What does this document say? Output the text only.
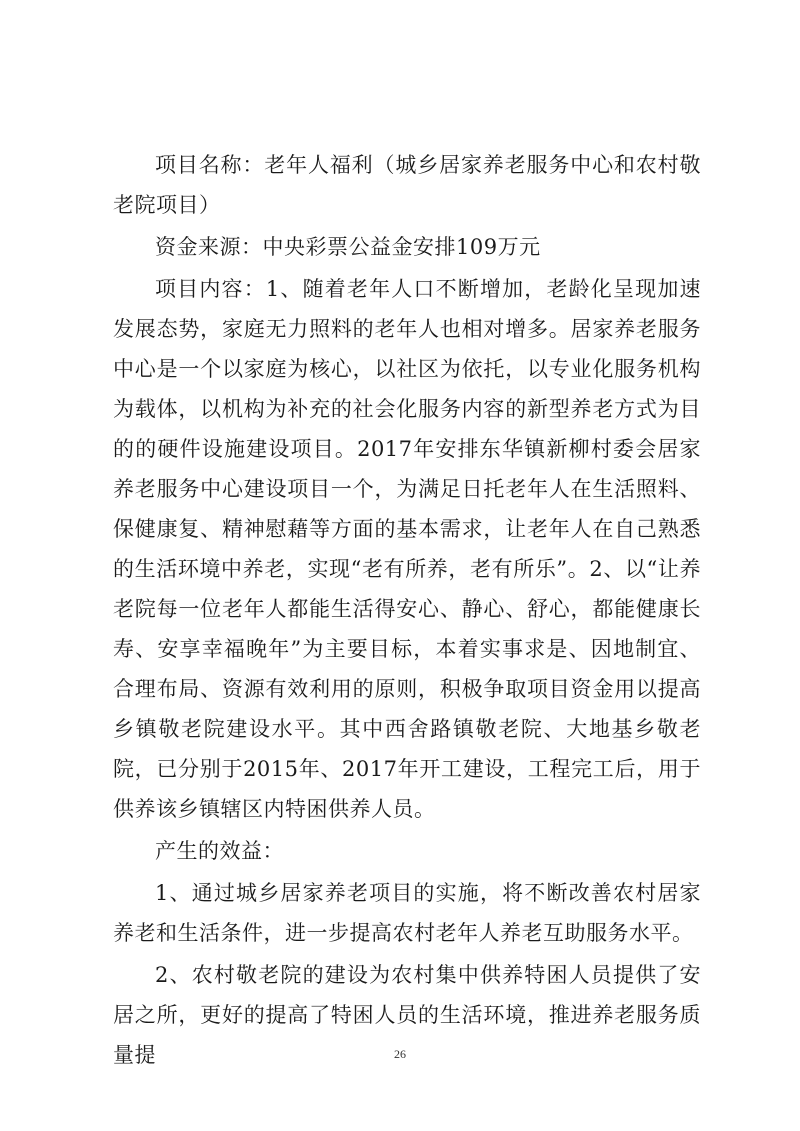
项目名称：老年人福利（城乡居家养老服务中心和农村敬老院项目）

资金来源：中央彩票公益金安排109万元

项目内容：1、随着老年人口不断增加，老龄化呈现加速发展态势，家庭无力照料的老年人也相对增多。居家养老服务中心是一个以家庭为核心，以社区为依托，以专业化服务机构为载体，以机构为补充的社会化服务内容的新型养老方式为目的的硬件设施建设项目。2017年安排东华镇新柳村委会居家养老服务中心建设项目一个，为满足日托老年人在生活照料、保健康复、精神慰藉等方面的基本需求，让老年人在自己熟悉的生活环境中养老，实现“老有所养，老有所乐”。2、以“让养老院每一位老年人都能生活得安心、静心、舒心，都能健康长寿、安享幸福晚年”为主要目标，本着实事求是、因地制宜、合理布局、资源有效利用的原则，积极争取项目资金用以提高乡镇敬老院建设水平。其中西舍路镇敬老院、大地基乡敬老院，已分别于2015年、2017年开工建设，工程完工后，用于供养该乡镇辖区内特困供养人员。

产生的效益：

1、通过城乡居家养老项目的实施，将不断改善农村居家养老和生活条件，进一步提高农村老年人养老互助服务水平。

2、农村敬老院的建设为农村集中供养特困人员提供了安居之所，更好的提高了特困人员的生活环境，推进养老服务质量提	26
